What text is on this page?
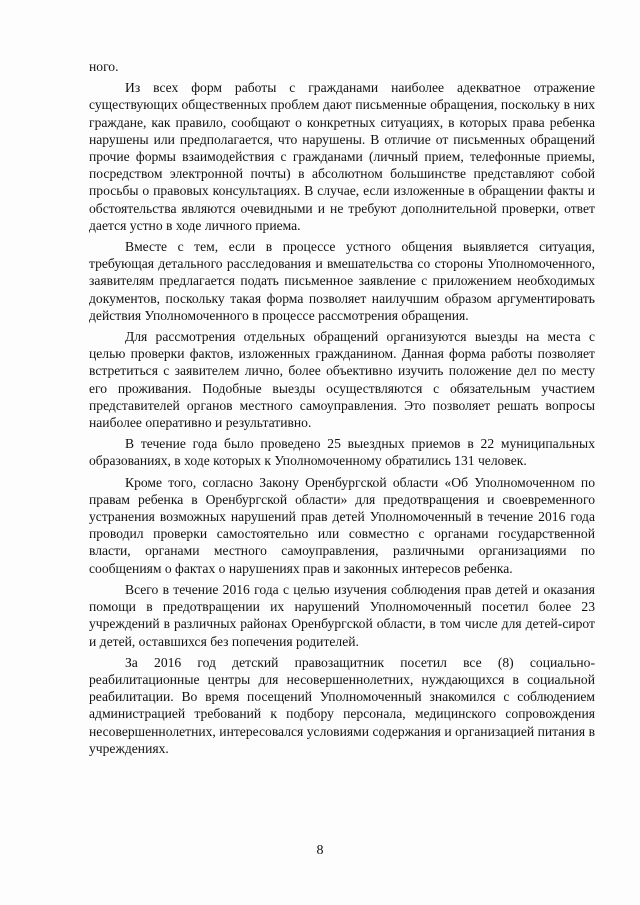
ного.

Из всех форм работы с гражданами наиболее адекватное отражение существующих общественных проблем дают письменные обращения, поскольку в них граждане, как правило, сообщают о конкретных ситуациях, в которых права ребенка нарушены или предполагается, что нарушены. В отличие от письменных обращений прочие формы взаимодействия с гражданами (личный прием, телефонные приемы, посредством электронной почты) в абсолютном большинстве представляют собой просьбы о правовых консультациях. В случае, если изложенные в обращении факты и обстоятельства являются очевидными и не требуют дополнительной проверки, ответ дается устно в ходе личного приема.

Вместе с тем, если в процессе устного общения выявляется ситуация, требующая детального расследования и вмешательства со стороны Уполномоченного, заявителям предлагается подать письменное заявление с приложением необходимых документов, поскольку такая форма позволяет наилучшим образом аргументировать действия Уполномоченного в процессе рассмотрения обращения.

Для рассмотрения отдельных обращений организуются выезды на места с целью проверки фактов, изложенных гражданином. Данная форма работы позволяет встретиться с заявителем лично, более объективно изучить положение дел по месту его проживания. Подобные выезды осуществляются с обязательным участием представителей органов местного самоуправления. Это позволяет решать вопросы наиболее оперативно и результативно.

В течение года было проведено 25 выездных приемов в 22 муниципальных образованиях, в ходе которых к Уполномоченному обратились 131 человек.

Кроме того, согласно Закону Оренбургской области «Об Уполномоченном по правам ребенка в Оренбургской области» для предотвращения и своевременного устранения возможных нарушений прав детей Уполномоченный в течение 2016 года проводил проверки самостоятельно или совместно с органами государственной власти, органами местного самоуправления, различными организациями по сообщениям о фактах о нарушениях прав и законных интересов ребенка.

Всего в течение 2016 года с целью изучения соблюдения прав детей и оказания помощи в предотвращении их нарушений Уполномоченный посетил более 23 учреждений в различных районах Оренбургской области, в том числе для детей-сирот и детей, оставшихся без попечения родителей.

За 2016 год детский правозащитник посетил все (8) социально-реабилитационные центры для несовершеннолетних, нуждающихся в социальной реабилитации. Во время посещений Уполномоченный знакомился с соблюдением администрацией требований к подбору персонала, медицинского сопровождения несовершеннолетних, интересовался условиями содержания и организацией питания в учреждениях.

8
